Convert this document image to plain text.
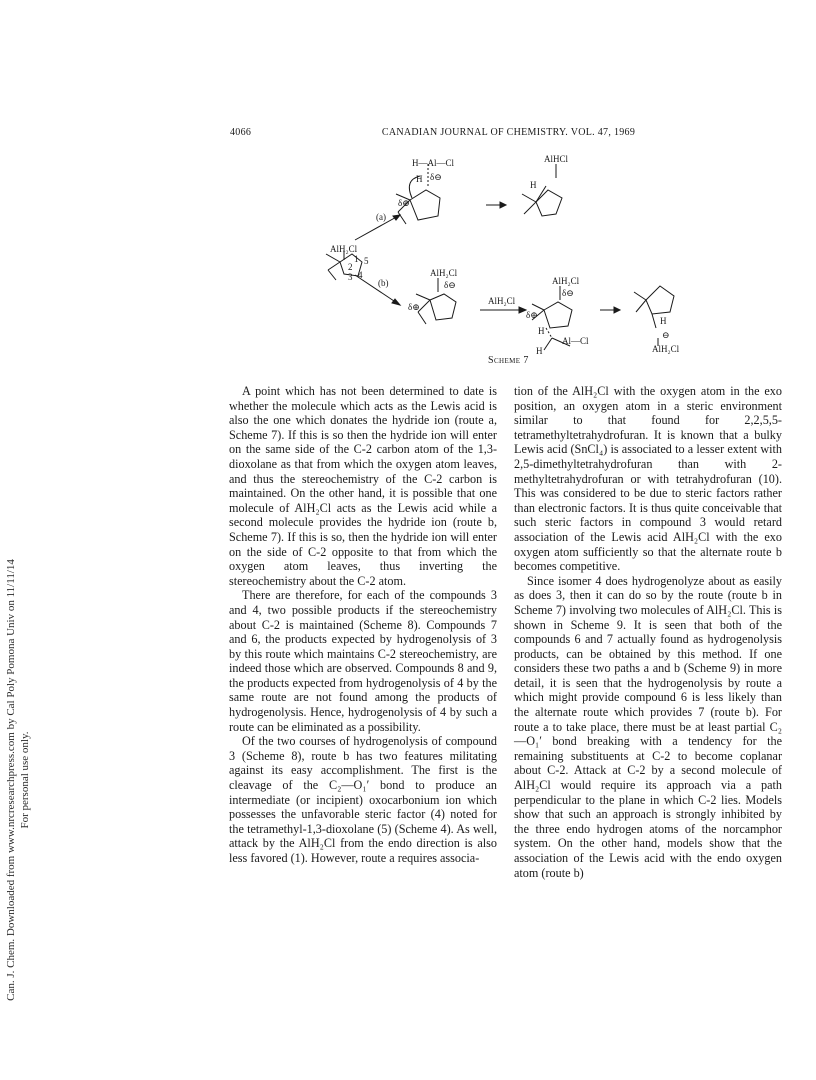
4066	CANADIAN JOURNAL OF CHEMISTRY. VOL. 47, 1969
Can. J. Chem. Downloaded from www.nrcresearchpress.com by Cal Poly Pomona Univ on 11/11/14 For personal use only.
AlH₂Cl
1
2
3 4
5
(a)
H—Al—Cl
δ⊖
H
δ⊕
AlHCl
H
(b)
AlH₂Cl
δ⊖
δ⊕
AlH₂Cl
AlH₂Cl
δ⊖
δ⊕
H
Al—Cl
H
H
⊖
AlH₂Cl
Scheme 7

A point which has not been determined to date is whether the molecule which acts as the Lewis acid is also the one which donates the hydride ion (route a, Scheme 7). If this is so then the hydride ion will enter on the same side of the C-2 carbon atom of the 1,3-dioxolane as that from which the oxygen atom leaves, and thus the stereochemistry of the C-2 carbon is maintained. On the other hand, it is possible that one molecule of AlH₂Cl acts as the Lewis acid while a second molecule provides the hydride ion (route b, Scheme 7). If this is so, then the hydride ion will enter on the side of C-2 opposite to that from which the oxygen atom leaves, thus inverting the stereochemistry about the C-2 atom.

There are therefore, for each of the compounds 3 and 4, two possible products if the stereochemistry about C-2 is maintained (Scheme 8). Compounds 7 and 6, the products expected by hydrogenolysis of 3 by this route which maintains C-2 stereochemistry, are indeed those which are observed. Compounds 8 and 9, the products expected from hydrogenolysis of 4 by the same route are not found among the products of hydrogenolysis. Hence, hydrogenolysis of 4 by such a route can be eliminated as a possibility.

Of the two courses of hydrogenolysis of compound 3 (Scheme 8), route b has two features militating against its easy accomplishment. The first is the cleavage of the C₂—O₁′ bond to produce an intermediate (or incipient) oxocarbonium ion which possesses the unfavorable steric factor (4) noted for the tetramethyl-1,3-dioxolane (5) (Scheme 4). As well, attack by the AlH₂Cl from the endo direction is also less favored (1). However, route a requires associa-

tion of the AlH₂Cl with the oxygen atom in the exo position, an oxygen atom in a steric environment similar to that found for 2,2,5,5-tetramethyltetrahydrofuran. It is known that a bulky Lewis acid (SnCl₄) is associated to a lesser extent with 2,5-dimethyltetrahydrofuran than with 2-methyltetrahydrofuran or with tetrahydrofuran (10). This was considered to be due to steric factors rather than electronic factors. It is thus quite conceivable that such steric factors in compound 3 would retard association of the Lewis acid AlH₂Cl with the exo oxygen atom sufficiently so that the alternate route b becomes competitive.

Since isomer 4 does hydrogenolyze about as easily as does 3, then it can do so by the route (route b in Scheme 7) involving two molecules of AlH₂Cl. This is shown in Scheme 9. It is seen that both of the compounds 6 and 7 actually found as hydrogenolysis products, can be obtained by this method. If one considers these two paths a and b (Scheme 9) in more detail, it is seen that the hydrogenolysis by route a which might provide compound 6 is less likely than the alternate route which provides 7 (route b). For route a to take place, there must be at least partial C₂—O₁′ bond breaking with a tendency for the remaining substituents at C-2 to become coplanar about C-2. Attack at C-2 by a second molecule of AlH₂Cl would require its approach via a path perpendicular to the plane in which C-2 lies. Models show that such an approach is strongly inhibited by the three endo hydrogen atoms of the norcamphor system. On the other hand, models show that the association of the Lewis acid with the endo oxygen atom (route b)
